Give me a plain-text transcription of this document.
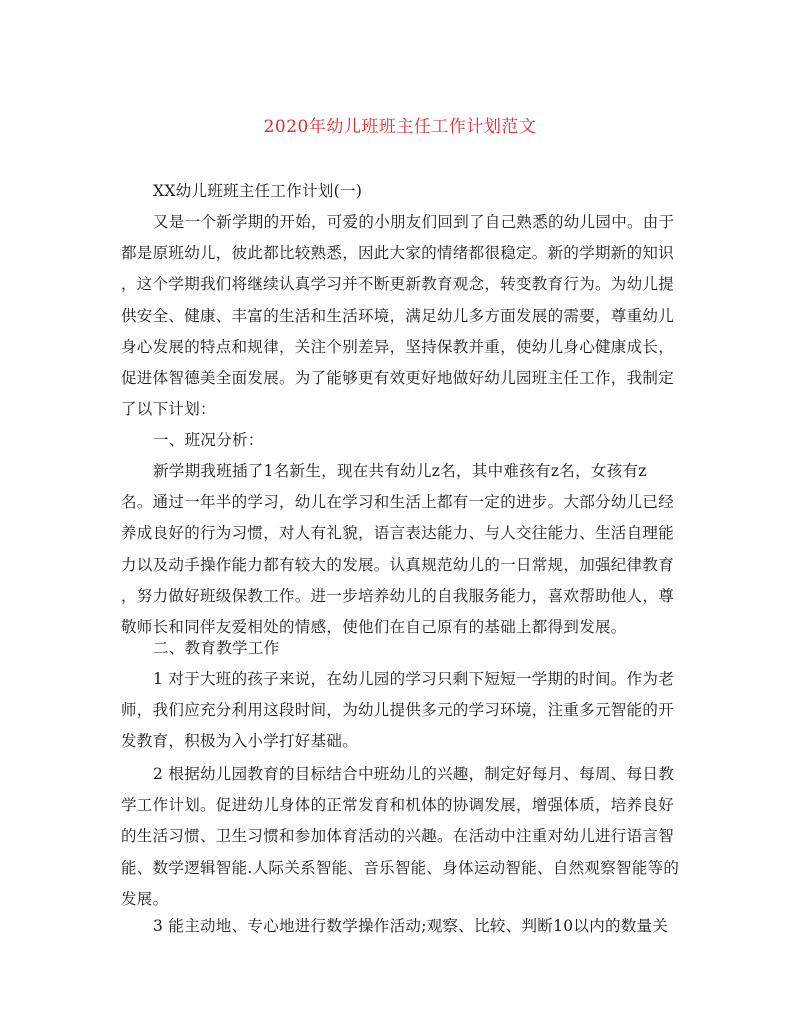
2020年幼儿班班主任工作计划范文
XX幼儿班班主任工作计划(一)
又是一个新学期的开始，可爱的小朋友们回到了自己熟悉的幼儿园中。由于
都是原班幼儿，彼此都比较熟悉，因此大家的情绪都很稳定。新的学期新的知识
，这个学期我们将继续认真学习并不断更新教育观念，转变教育行为。为幼儿提
供安全、健康、丰富的生活和生活环境，满足幼儿多方面发展的需要，尊重幼儿
身心发展的特点和规律，关注个别差异，坚持保教并重，使幼儿身心健康成长，
促进体智德美全面发展。为了能够更有效更好地做好幼儿园班主任工作，我制定
了以下计划：
一、班况分析：
新学期我班插了1名新生，现在共有幼儿z名，其中难孩有z名，女孩有z
名。通过一年半的学习，幼儿在学习和生活上都有一定的进步。大部分幼儿已经
养成良好的行为习惯，对人有礼貌，语言表达能力、与人交往能力、生活自理能
力以及动手操作能力都有较大的发展。认真规范幼儿的一日常规，加强纪律教育
，努力做好班级保教工作。进一步培养幼儿的自我服务能力，喜欢帮助他人，尊
敬师长和同伴友爱相处的情感，使他们在自己原有的基础上都得到发展。
二、教育教学工作
1 对于大班的孩子来说，在幼儿园的学习只剩下短短一学期的时间。作为老
师，我们应充分利用这段时间，为幼儿提供多元的学习环境，注重多元智能的开
发教育，积极为入小学打好基础。
2 根据幼儿园教育的目标结合中班幼儿的兴趣，制定好每月、每周、每日教
学工作计划。促进幼儿身体的正常发育和机体的协调发展，增强体质，培养良好
的生活习惯、卫生习惯和参加体育活动的兴趣。在活动中注重对幼儿进行语言智
能、数学逻辑智能.人际关系智能、音乐智能、身体运动智能、自然观察智能等的
发展。
3 能主动地、专心地进行数学操作活动;观察、比较、判断10以内的数量关
